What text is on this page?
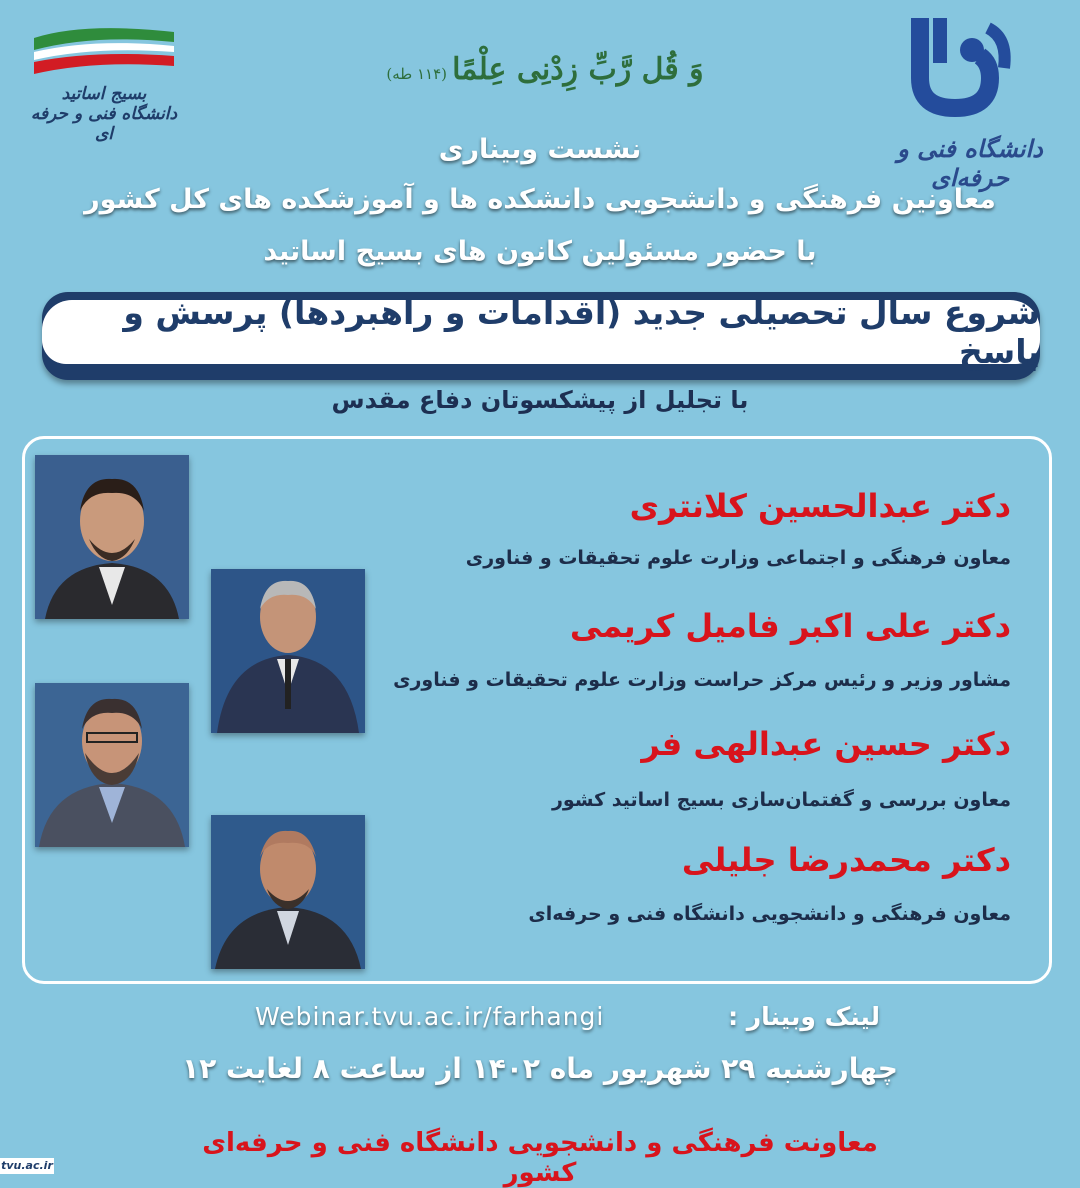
دانشگاه فنی و حرفه‌ای
بسیج اساتید
دانشگاه فنی و حرفه ای
وَ قُل رَّبِّ زِدْنِی عِلْمًا (۱۱۴ طه)
نشست وبیناری
معاونین فرهنگی و دانشجویی دانشکده ها و آموزشکده های کل کشور
با حضور مسئولین کانون های بسیج اساتید
شروع سال تحصیلی جدید (اقدامات و راهبردها) پرسش و پاسخ
با تجلیل از پیشکسوتان دفاع مقدس
دکتر عبدالحسین کلانتری
معاون فرهنگی و اجتماعی وزارت علوم تحقیقات و فناوری
دکتر علی اکبر فامیل کریمی
مشاور وزیر و رئیس مرکز حراست وزارت علوم تحقیقات و فناوری
دکتر حسین عبدالهی فر
معاون بررسی و گفتمان‌سازی بسیج اساتید کشور
دکتر محمدرضا جلیلی
معاون فرهنگی و دانشجویی دانشگاه فنی و حرفه‌ای
لینک وبینار :
Webinar.tvu.ac.ir/farhangi
چهارشنبه ۲۹ شهریور ماه ۱۴۰۲ از ساعت ۸ لغایت ۱۲
معاونت فرهنگی و دانشجویی دانشگاه فنی و حرفه‌ای کشور
tvu.ac.ir
